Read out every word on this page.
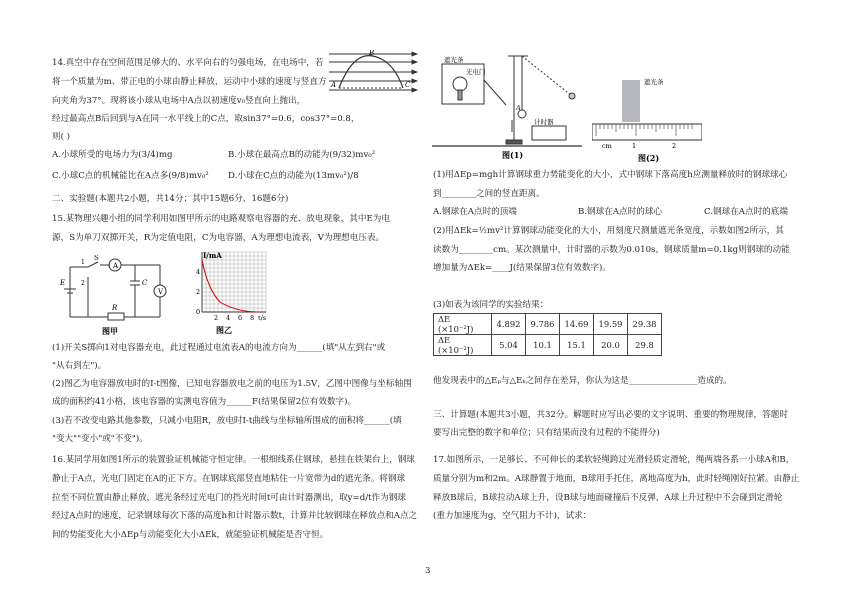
14.真空中存在空间范围足够大的、水平向右的匀强电场，在电场中，若
将一个质量为m、带正电的小球由静止释放，运动中小球的速度与竖直方
向夹角为37°。现将该小球从电场中A点以初速度v₀竖直向上抛出，
经过最高点B后回到与A在同一水平线上的C点，取sin37°=0.6，cos37°=0.8，
则( )
A
B
C
A.小球所受的电场力为(3/4)mg	B.小球在最高点B的动能为(9/32)mv₀²
C.小球C点的机械能比在A点多(9/8)mv₀² D.小球在C点的动能为(13mv₀²)/8
二、实验题(本题共2小题，共14分；其中15题6分，16题6分)
15.某物理兴趣小组的同学利用如图甲所示的电路观察电容器的充、放电现象，其中E为电
源，S为单刀双掷开关，R为定值电阻，C为电容器，A为理想电流表，V为理想电压表。
A
V
C
R
E
S
1
2
图甲
I/mA
t/s
0
2
4
2 4 6 8
图乙
(1)开关S掷向1对电容器充电，此过程通过电流表A的电流方向为______(填"从左到右"或
"从右到左")。
(2)图乙为电容器放电时的I-t图像，已知电容器放电之前的电压为1.5V，乙图中图像与坐标轴围
成的面积约41小格，该电容器的实测电容值为______F(结果保留2位有效数字)。
(3)若不改变电路其他参数，只减小电阻R，放电时I-t曲线与坐标轴所围成的面积将______(填
"变大""变小"或"不变")。
16.某同学用如图1所示的装置验证机械能守恒定律。一根细线系住钢球，悬挂在铁架台上，钢球
静止于A点，光电门固定在A的正下方。在钢球底部竖直地粘住一片宽带为d的遮光条。将钢球
拉至不同位置由静止释放，遮光条经过光电门的挡光时间t可由计时器测出，取y=d/t作为钢球
经过A点时的速度，记录钢球每次下落的高度h和计时器示数t，计算并比较钢球在释放点和A点之
间的势能变化大小ΔEp与动能变化大小ΔEk，就能验证机械能是否守恒。
遮光条
光电门
计时器
A
图(1)
遮光条
cm	1	2
图(2)
(1)用ΔEp=mgh计算钢球重力势能变化的大小，式中钢球下落高度h应测量释放时的钢球球心
到________之间的竖直距离。
A.钢球在A点时的顶端	B.钢球在A点时的球心	C.钢球在A点时的底端
(2)用ΔEk=½mv²计算钢球动能变化的大小，用刻度尺测量遮光条宽度，示数如图2所示，其
读数为________cm。某次测量中，计时器的示数为0.010s，钢球质量m=0.1kg则钢球的动能
增加量为ΔEk=____J(结果保留3位有效数字)。
(3)如表为该同学的实验结果：
ΔE (×10⁻²J)	4.892	9.786	14.69	19.59	29.38
ΔE (×10⁻²J)	5.04	10.1	15.1	20.0	29.8
他发现表中的△Eₚ与△Eₖ之间存在差异，你认为这是________________造成的。
三、计算题(本题共3小题，共32分。解题时应写出必要的文字说明、重要的物理规律，答题时
要写出完整的数字和单位；只有结果而没有过程的不能得分)
17.如图所示，一足够长、不可伸长的柔软轻绳跨过光滑轻质定滑轮，绳两端各系一小球A和B，
质量分别为m和2m。A球静置于地面，B球用手托住，离地高度为h，此时轻绳刚好拉紧。由静止
释放B球后，B球拉动A球上升，设B球与地面碰撞后不反弹，A球上升过程中不会碰到定滑轮
(重力加速度为g，空气阻力不计)，试求：
3
